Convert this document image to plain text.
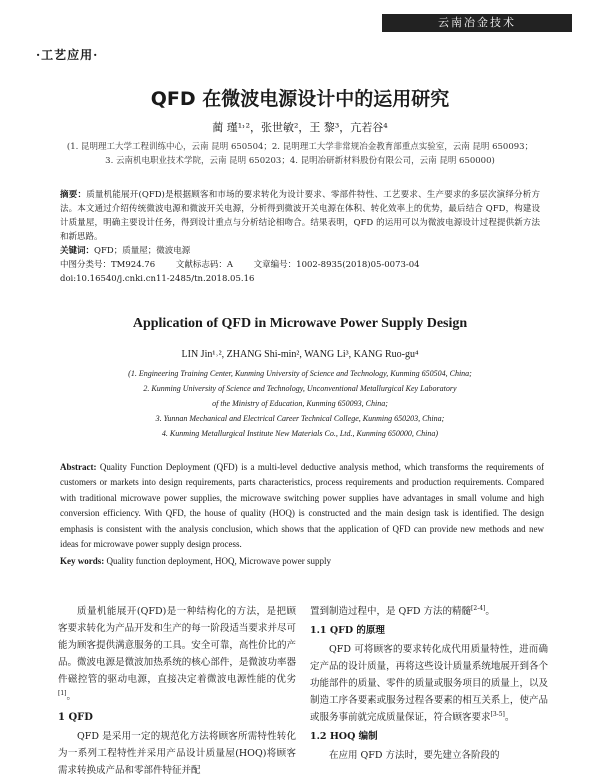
云南冶金技术
·工艺应用·
QFD 在微波电源设计中的运用研究
蔺 瑾¹˒²，张世敏²，王 黎³，亢若谷⁴
(1. 昆明理工大学工程训练中心，云南 昆明 650504；2. 昆明理工大学非常规冶金教育部重点实验室，云南 昆明 650093；
3. 云南机电职业技术学院，云南 昆明 650203；4. 昆明冶研新材料股份有限公司，云南 昆明 650000)
摘要：质量机能展开(QFD)是根据顾客和市场的要求转化为设计要求、零部件特性、工艺要求、生产要求的多层次演绎分析方法。本文通过介绍传统微波电源和微波开关电源，分析得到微波开关电源在体积、转化效率上的优势，最后结合 QFD，构建设计质量屋，明确主要设计任务，得到设计重点与分析结论相吻合。结果表明，QFD 的运用可以为微波电源设计过程提供新方法和新思路。
关键词：QFD；质量屋；微波电源
中图分类号：TM924.76 文献标志码：A 文章编号：1002-8935(2018)05-0073-04
doi:10.16540/j.cnki.cn11-2485/tn.2018.05.16
Application of QFD in Microwave Power Supply Design
LIN Jin¹˒², ZHANG Shi-min², WANG Li³, KANG Ruo-gu⁴
(1. Engineering Training Center, Kunming University of Science and Technology, Kunming 650504, China;
2. Kunming University of Science and Technology, Unconventional Metallurgical Key Laboratory
of the Ministry of Education, Kunming 650093, China;
3. Yunnan Mechanical and Electrical Career Technical College, Kunming 650203, China;
4. Kunming Metallurgical Institute New Materials Co., Ltd., Kunming 650000, China)
Abstract: Quality Function Deployment (QFD) is a multi-level deductive analysis method, which transforms the requirements of customers or markets into design requirements, parts characteristics, process requirements and production requirements. Compared with traditional microwave power supplies, the microwave switching power supplies have advantages in small volume and high conversion efficiency. With QFD, the house of quality (HOQ) is constructed and the main design task is identified. The design emphasis is consistent with the analysis conclusion, which shows that the application of QFD can provide new methods and new ideas for microwave power supply design process.
Key words: Quality function deployment, HOQ, Microwave power supply

质量机能展开(QFD)是一种结构化的方法，是把顾客要求转化为产品开发和生产的每一阶段适当要求并尽可能为顾客提供满意服务的工具。安全可靠，高性价比的产品。微波电源是微波加热系统的核心部件，是微波功率器件磁控管的驱动电源，直接决定着微波电源性能的优劣[1]。

1 QFD

QFD 是采用一定的规范化方法将顾客所需特性转化为一系列工程特性并采用产品设计质量屋(HOQ)将顾客需求转换成产品和零部件特征并配

置到制造过程中，是 QFD 方法的精髓[2-4]。

1.1 QFD 的原理

QFD 可将顾客的要求转化成代用质量特性，进而确定产品的设计质量，再将这些设计质量系统地展开到各个功能部件的质量、零件的质量或服务项目的质量上，以及制造工序各要素或服务过程各要素的相互关系上，使产品或服务事前就完成质量保证，符合顾客要求[3-5]。

1.2 HOQ 编制

在应用 QFD 方法时，要先建立各阶段的
